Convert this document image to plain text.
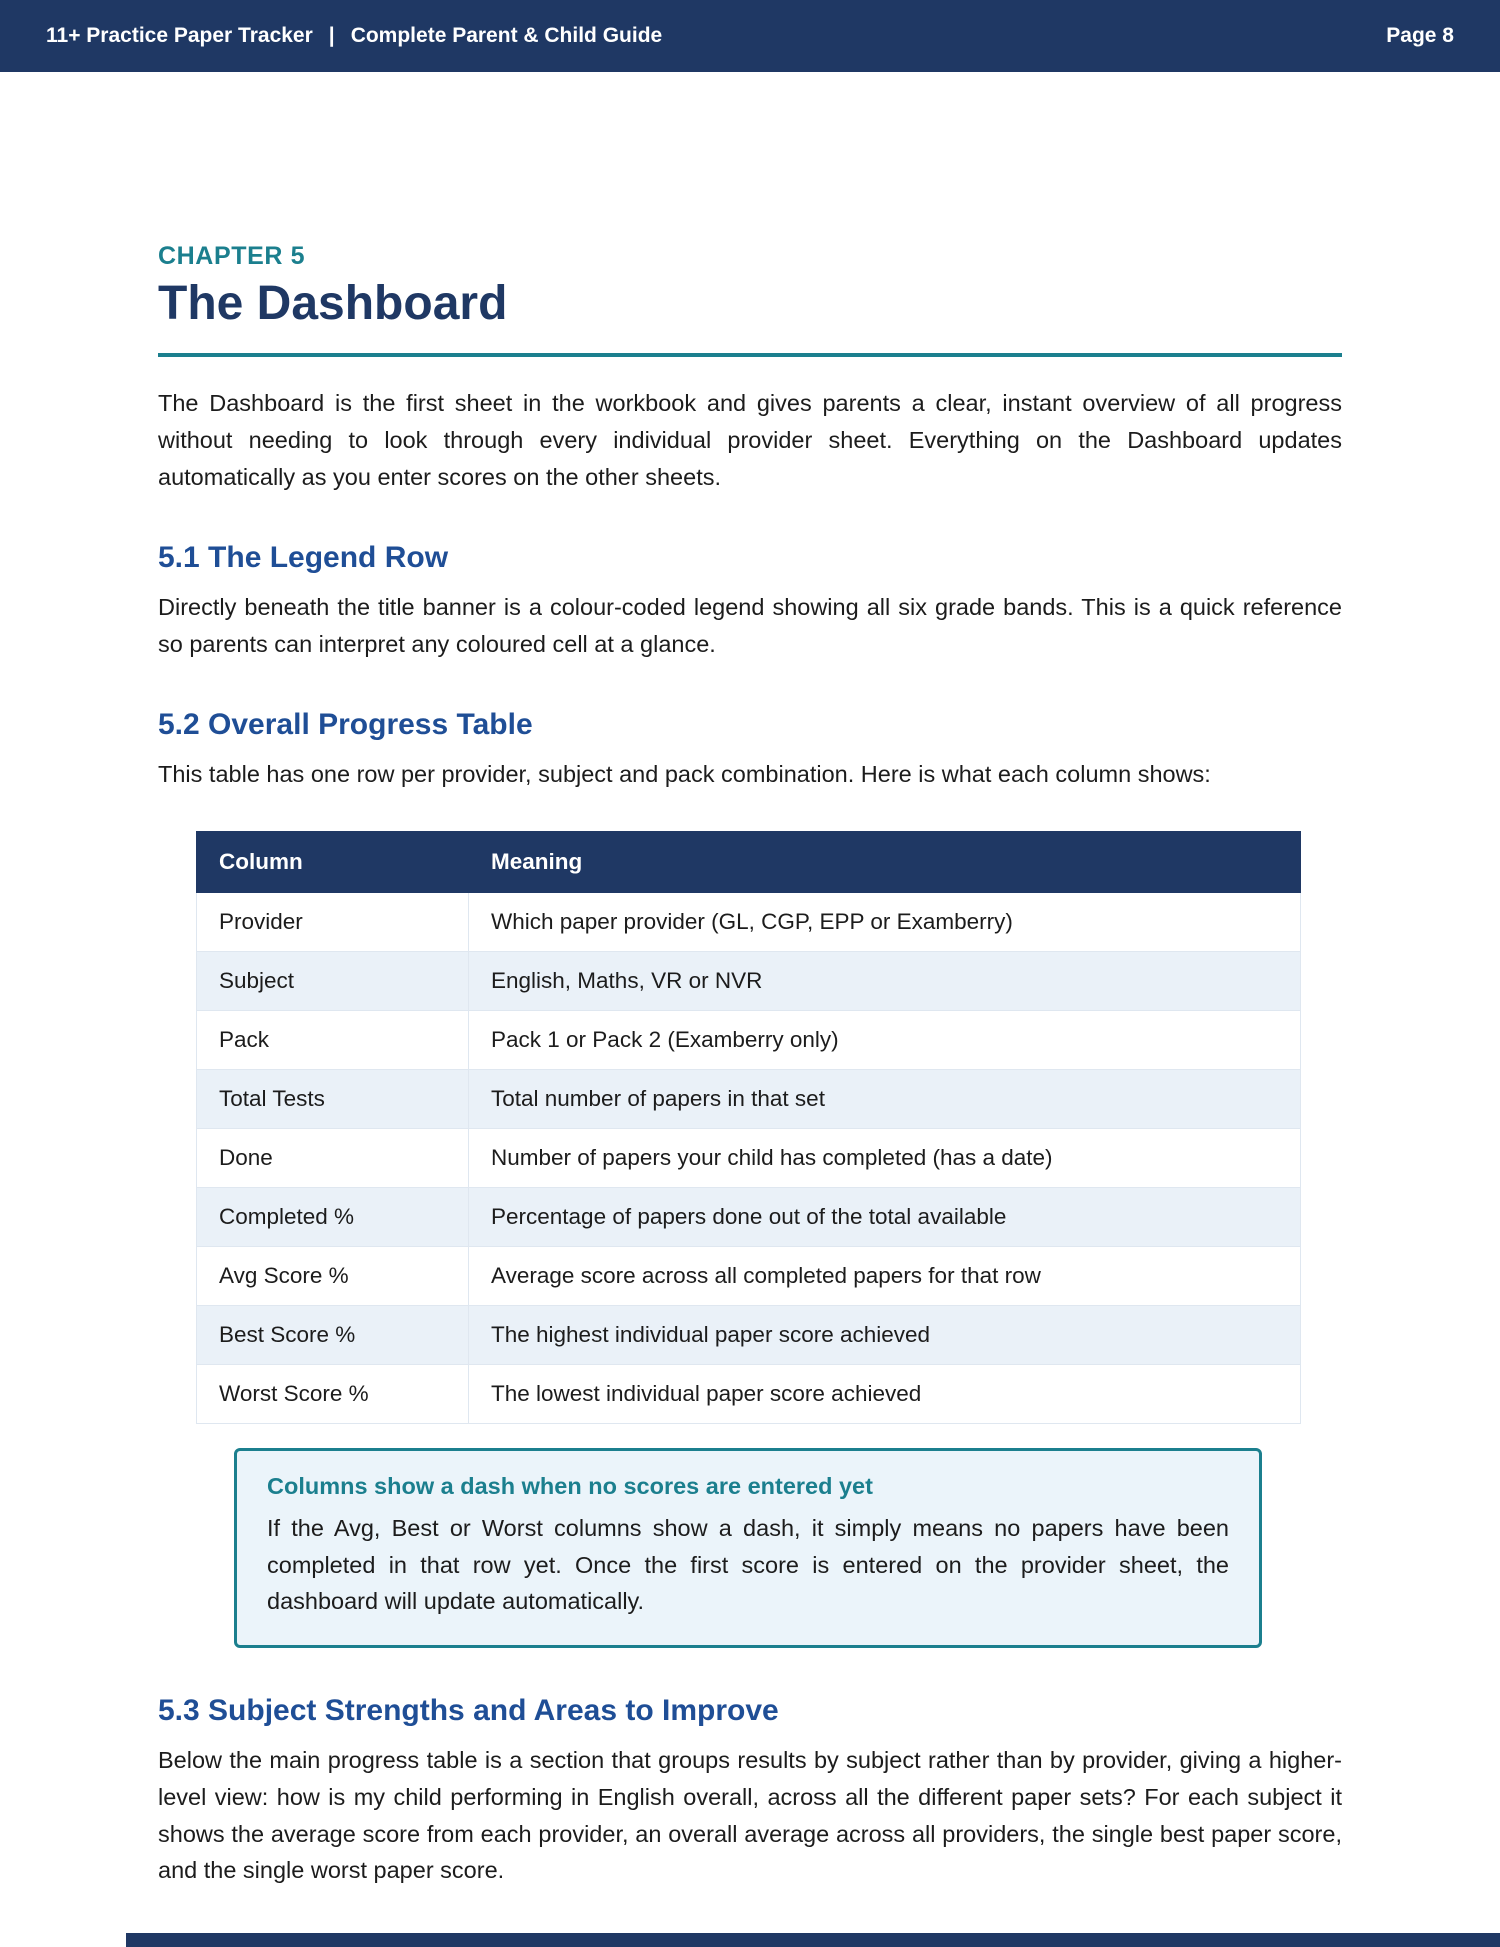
11+ Practice Paper Tracker | Complete Parent & Child Guide	Page 8
CHAPTER 5
The Dashboard

The Dashboard is the first sheet in the workbook and gives parents a clear, instant overview of all progress without needing to look through every individual provider sheet. Everything on the Dashboard updates automatically as you enter scores on the other sheets.

5.1 The Legend Row

Directly beneath the title banner is a colour-coded legend showing all six grade bands. This is a quick reference so parents can interpret any coloured cell at a glance.

5.2 Overall Progress Table

This table has one row per provider, subject and pack combination. Here is what each column shows:

Column	Meaning
Provider	Which paper provider (GL, CGP, EPP or Examberry)
Subject	English, Maths, VR or NVR
Pack	Pack 1 or Pack 2 (Examberry only)
Total Tests	Total number of papers in that set
Done	Number of papers your child has completed (has a date)
Completed %	Percentage of papers done out of the total available
Avg Score %	Average score across all completed papers for that row
Best Score %	The highest individual paper score achieved
Worst Score %	The lowest individual paper score achieved
Columns show a dash when no scores are entered yet
If the Avg, Best or Worst columns show a dash, it simply means no papers have been completed in that row yet. Once the first score is entered on the provider sheet, the dashboard will update automatically.
5.3 Subject Strengths and Areas to Improve

Below the main progress table is a section that groups results by subject rather than by provider, giving a higher-level view: how is my child performing in English overall, across all the different paper sets? For each subject it shows the average score from each provider, an overall average across all providers, the single best paper score, and the single worst paper score.
